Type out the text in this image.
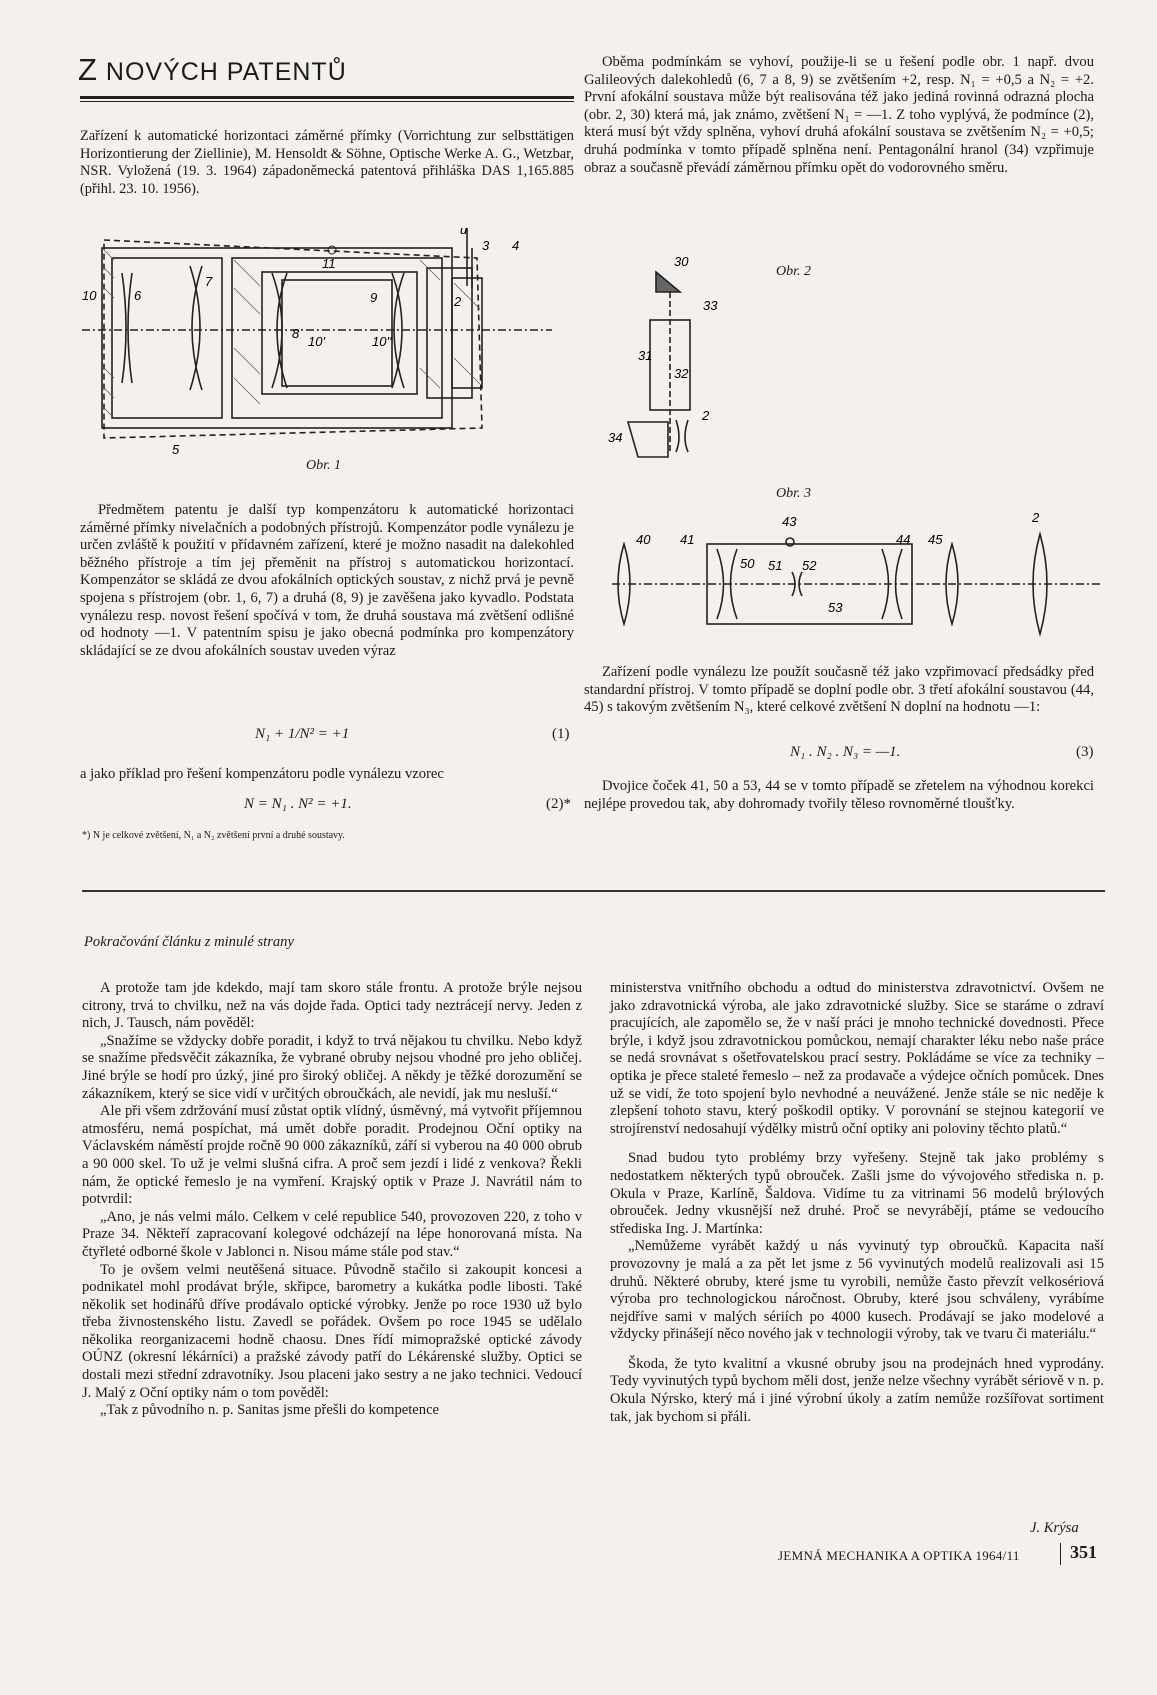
Z NOVÝCH PATENTŮ

Zařízení k automatické horizontaci záměrné přímky (Vorrichtung zur selbsttätigen Horizontierung der Ziellinie), M. Hensoldt & Söhne, Optische Werke A. G., Wetzbar, NSR. Vyložená (19. 3. 1964) západoněmecká patentová přihláška DAS 1,165.885 (přihl. 23. 10. 1956).

u
3 4
11
10	6
7
9	2
8
10'	10''
5
Obr. 1

Předmětem patentu je další typ kompenzátoru k automatické horizontaci záměrné přímky nivelačních a podobných přístrojů. Kompenzátor podle vynálezu je určen zvláště k použití v přídavném zařízení, které je možno nasadit na dalekohled běžného přístroje a tím jej přeměnit na přístroj s automatickou horizontací. Kompenzátor se skládá ze dvou afokálních optických soustav, z nichž prvá je pevně spojena s přístrojem (obr. 1, 6, 7) a druhá (8, 9) je zavěšena jako kyvadlo. Podstata vynálezu resp. novost řešení spočívá v tom, že druhá soustava má zvětšení odlišné od hodnoty —1. V patentním spisu je jako obecná podmínka pro kompenzátory skládající se ze dvou afokálních soustav uveden výraz

N₁ + 1/N² = +1	(1)

a jako příklad pro řešení kompenzátoru podle vynálezu vzorec

N = N₁ . N² = +1.	(2)*
*) N je celkové zvětšení, N₁ a N₂ zvětšení první a druhé soustavy.

Oběma podmínkám se vyhoví, použije-li se u řešení podle obr. 1 např. dvou Galileových dalekohledů (6, 7 a 8, 9) se zvětšením +2, resp. N₁ = +0,5 a N₂ = +2. První afokální soustava může být realisována též jako jediná rovinná odrazná plocha (obr. 2, 30) která má, jak známo, zvětšení N₁ = —1. Z toho vyplývá, že podmínce (2), která musí být vždy splněna, vyhoví druhá afokální soustava se zvětšením N₂ = +0,5; druhá podmínka v tomto případě splněna není. Pentagonální hranol (34) vzpřimuje obraz a současně převádí záměrnou přímku opět do vodorovného směru.

30
33
31
32
2
34
Obr. 2
Obr. 3
40 41
43
44 45
2
50 51 52
53

Zařízení podle vynálezu lze použít současně též jako vzpřimovací předsádky před standardní přístroj. V tomto případě se doplní podle obr. 3 třetí afokální soustavou (44, 45) s takovým zvětšením N₃, které celkové zvětšení N doplní na hodnotu —1:

N₁ . N₂ . N₃ = —1.	(3)

Dvojice čoček 41, 50 a 53, 44 se v tomto případě se zřetelem na výhodnou korekci nejlépe provedou tak, aby dohromady tvořily těleso rovnoměrné tloušťky.

Pokračování článku z minulé strany

A protože tam jde kdekdo, mají tam skoro stále frontu. A protože brýle nejsou citrony, trvá to chvilku, než na vás dojde řada. Optici tady neztrácejí nervy. Jeden z nich, J. Tausch, nám pověděl:

„Snažíme se vždycky dobře poradit, i když to trvá nějakou tu chvilku. Nebo když se snažíme předsvěčit zákazníka, že vybrané obruby nejsou vhodné pro jeho obličej. Jiné brýle se hodí pro úzký, jiné pro široký obličej. A někdy je těžké dorozumění se zákazníkem, který se sice vidí v určitých obroučkách, ale nevidí, jak mu nesluší.“

Ale při všem zdržování musí zůstat optik vlídný, úsměvný, má vytvořit příjemnou atmosféru, nemá pospíchat, má umět dobře poradit. Prodejnou Oční optiky na Václavském náměstí projde ročně 90 000 zákazníků, září si vyberou na 40 000 obrub a 90 000 skel. To už je velmi slušná cifra. A proč sem jezdí i lidé z venkova? Řekli nám, že optické řemeslo je na vymření. Krajský optik v Praze J. Navrátil nám to potvrdil:

„Ano, je nás velmi málo. Celkem v celé republice 540, provozoven 220, z toho v Praze 34. Někteří zapracovaní kolegové odcházejí na lépe honorovaná místa. Na čtyřleté odborné škole v Jablonci n. Nisou máme stále pod stav.“

To je ovšem velmi neutěšená situace. Původně stačilo si zakoupit koncesi a podnikatel mohl prodávat brýle, skřipce, barometry a kukátka podle libosti. Také několik set hodinářů dříve prodávalo optické výrobky. Jenže po roce 1930 už bylo třeba živnostenského listu. Zavedl se pořádek. Ovšem po roce 1945 se udělalo několika reorganizacemi hodně chaosu. Dnes řídí mimopražské optické závody OÚNZ (okresní lékárníci) a pražské závody patří do Lékárenské služby. Optici se dostali mezi střední zdravotníky. Jsou placeni jako sestry a ne jako technici. Vedoucí J. Malý z Oční optiky nám o tom pověděl:

„Tak z původního n. p. Sanitas jsme přešli do kompetence

ministerstva vnitřního obchodu a odtud do ministerstva zdravotnictví. Ovšem ne jako zdravotnická výroba, ale jako zdravotnické služby. Sice se staráme o zdraví pracujících, ale zapomělo se, že v naší práci je mnoho technické dovednosti. Přece brýle, i když jsou zdravotnickou pomůckou, nemají charakter léku nebo naše práce se nedá srovnávat s ošetřovatelskou prací sestry. Pokládáme se více za techniky – optika je přece staleté řemeslo – než za prodavače a výdejce očních pomůcek. Dnes už se vidí, že toto spojení bylo nevhodné a neuvážené. Jenže stále se nic neděje k zlepšení tohoto stavu, který poškodil optiky. V porovnání se stejnou kategorií ve strojírenství nedosahují výdělky mistrů oční optiky ani poloviny těchto platů.“

Snad budou tyto problémy brzy vyřešeny. Stejně tak jako problémy s nedostatkem některých typů obrouček. Zašli jsme do vývojového střediska n. p. Okula v Praze, Karlíně, Šaldova. Vidíme tu za vitrinami 56 modelů brýlových obrouček. Jedny vkusnější než druhé. Proč se nevyrábějí, ptáme se vedoucího střediska Ing. J. Martínka:

„Nemůžeme vyrábět každý u nás vyvinutý typ obroučků. Kapacita naší provozovny je malá a za pět let jsme z 56 vyvinutých modelů realizovali asi 15 druhů. Některé obruby, které jsme tu vyrobili, nemůže často převzít velkosériová výroba pro technologickou náročnost. Obruby, které jsou schváleny, vyrábíme nejdříve sami v malých sériích po 4000 kusech. Prodávají se jako modelové a vždycky přinášejí něco nového jak v technologii výroby, tak ve tvaru či materiálu.“

Škoda, že tyto kvalitní a vkusné obruby jsou na prodejnách hned vyprodány. Tedy vyvinutých typů bychom měli dost, jenže nelze všechny vyrábět sériově v n. p. Okula Nýrsko, který má i jiné výrobní úkoly a zatím nemůže rozšířovat sortiment tak, jak bychom si přáli.

J. Krýsa
JEMNÁ MECHANIKA A OPTIKA 1964/11	351
